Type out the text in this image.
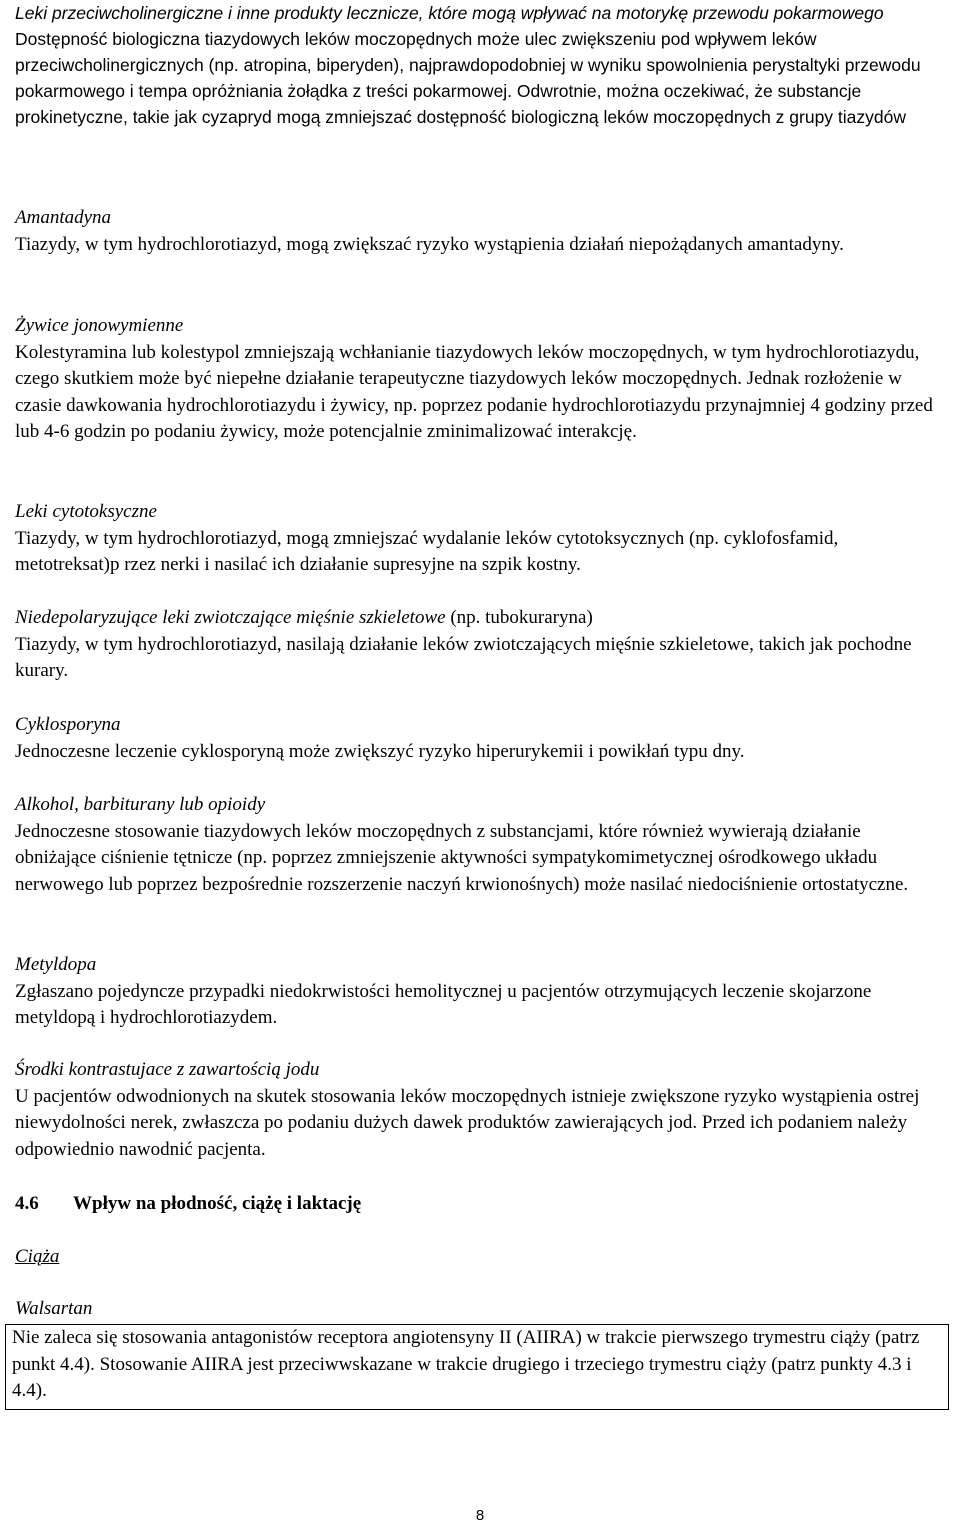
Leki przeciwcholinergiczne i inne produkty lecznicze, które mogą wpływać na motorykę przewodu pokarmowego
Dostępność biologiczna tiazydowych leków moczopędnych może ulec zwiększeniu pod wpływem leków przeciwcholinergicznych (np. atropina, biperyden), najprawdopodobniej w wyniku spowolnienia perystaltyki przewodu pokarmowego i tempa opróżniania żołądka z treści pokarmowej. Odwrotnie, można oczekiwać, że substancje prokinetyczne, takie jak cyzapryd mogą zmniejszać dostępność biologiczną leków moczopędnych z grupy tiazydów
Amantadyna
Tiazydy, w tym hydrochlorotiazyd, mogą zwiększać ryzyko wystąpienia działań niepożądanych amantadyny.
Żywice jonowymienne
Kolestyramina lub kolestypol zmniejszają wchłanianie tiazydowych leków moczopędnych, w tym hydrochlorotiazydu, czego skutkiem może być niepełne działanie terapeutyczne tiazydowych leków moczopędnych. Jednak rozłożenie w czasie dawkowania hydrochlorotiazydu i żywicy, np. poprzez podanie hydrochlorotiazydu przynajmniej 4 godziny przed lub 4-6 godzin po podaniu żywicy, może potencjalnie zminimalizować interakcję.
Leki cytotoksyczne
Tiazydy, w tym hydrochlorotiazyd, mogą zmniejszać wydalanie leków cytotoksycznych (np. cyklofosfamid, metotreksat)p rzez nerki i nasilać ich działanie supresyjne na szpik kostny.
Niedepolaryzujące leki zwiotczające mięśnie szkieletowe (np. tubokuraryna)
Tiazydy, w tym hydrochlorotiazyd, nasilają działanie leków zwiotczających mięśnie szkieletowe, takich jak pochodne kurary.
Cyklosporyna
Jednoczesne leczenie cyklosporyną może zwiększyć ryzyko hiperurykemii i powikłań typu dny.
Alkohol, barbiturany lub opioidy
Jednoczesne stosowanie tiazydowych leków moczopędnych z substancjami, które również wywierają działanie obniżające ciśnienie tętnicze (np. poprzez zmniejszenie aktywności sympatykomimetycznej ośrodkowego układu nerwowego lub poprzez bezpośrednie rozszerzenie naczyń krwionośnych) może nasilać niedociśnienie ortostatyczne.
Metyldopa
Zgłaszano pojedyncze przypadki niedokrwistości hemolitycznej u pacjentów otrzymujących leczenie skojarzone metyldopą i hydrochlorotiazydem.
Środki kontrastujace z zawartością jodu
U pacjentów odwodnionych na skutek stosowania leków moczopędnych istnieje zwiększone ryzyko wystąpienia ostrej niewydolności nerek, zwłaszcza po podaniu dużych dawek produktów zawierających jod. Przed ich podaniem należy odpowiednio nawodnić pacjenta.
4.6 Wpływ na płodność, ciążę i laktację
Ciąża
Walsartan
Nie zaleca się stosowania antagonistów receptora angiotensyny II (AIIRA) w trakcie pierwszego trymestru ciąży (patrz punkt 4.4). Stosowanie AIIRA jest przeciwwskazane w trakcie drugiego i trzeciego trymestru ciąży (patrz punkty 4.3 i 4.4).
8
